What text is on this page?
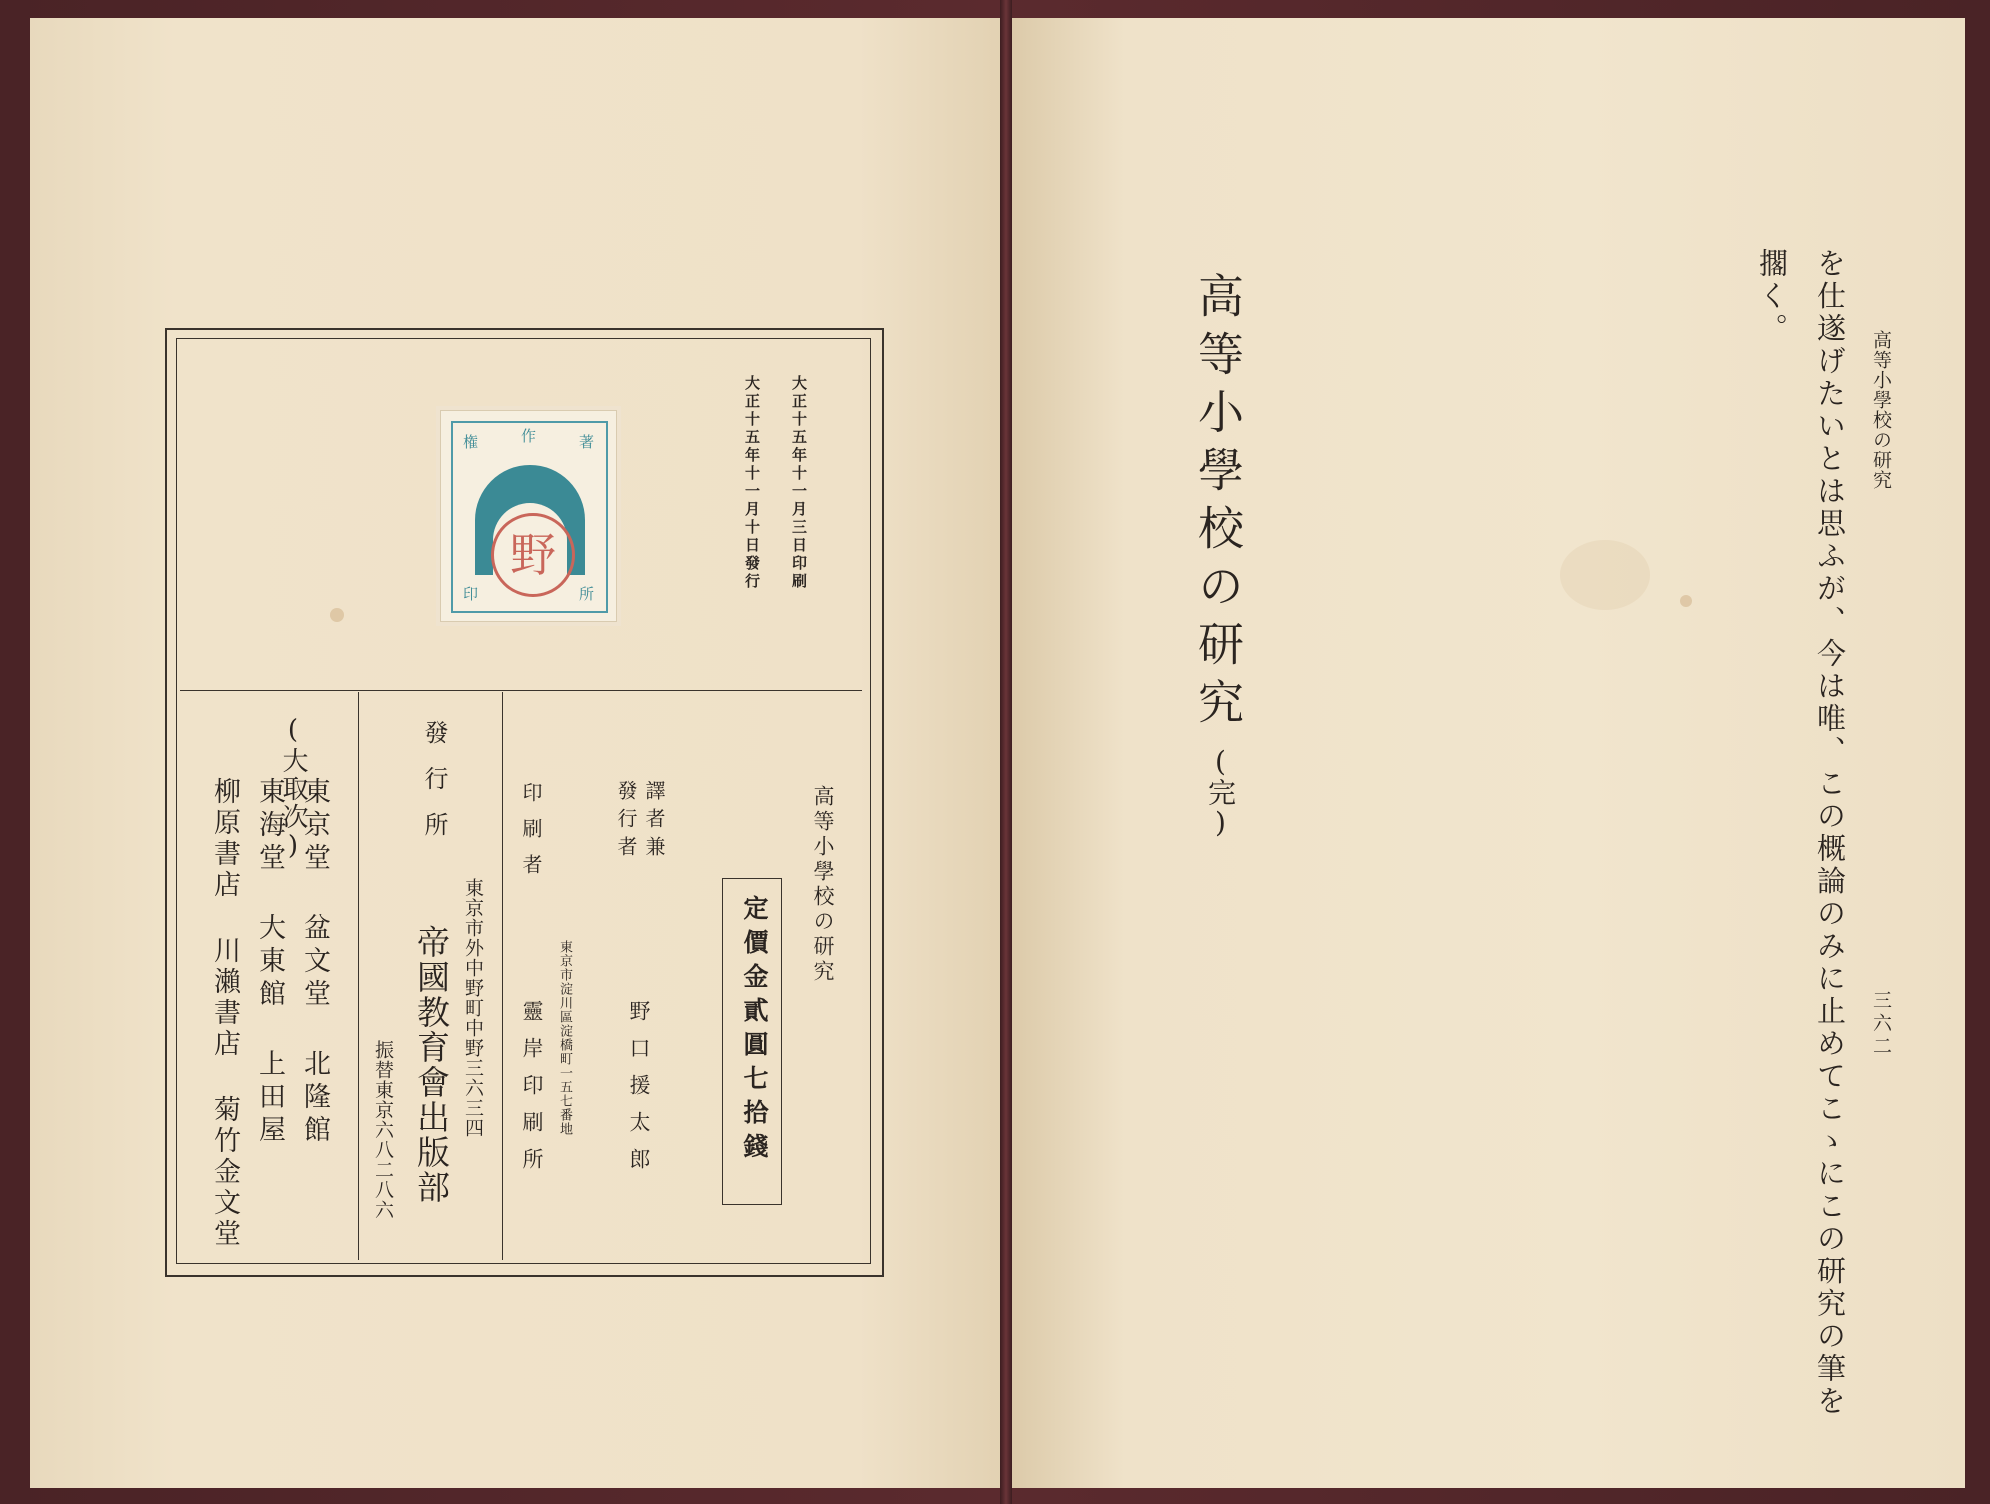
高等小學校の研究
三六二
を仕遂げたいとは思ふが、今は唯、この概論のみに止めてこゝにこの研究の筆を
擱く。
高等小學校の研究
(完)
大正十五年十一月三日印刷
大正十五年十一月十日發行
野
権	作	著
印	所
高等小學校の研究
定價金貳圓七拾錢
譯者兼
發行者
野口援太郎
東京市淀川區淀橋町一五七番地
印刷者
靈岸印刷所
發行所
東京市外中野町中野三六三四
帝國教育會出版部
振替東京六八二八六
(大取次)
東京堂 盆文堂 北隆館
東海堂 大東館 上田屋
柳原書店 川瀨書店 菊竹金文堂
